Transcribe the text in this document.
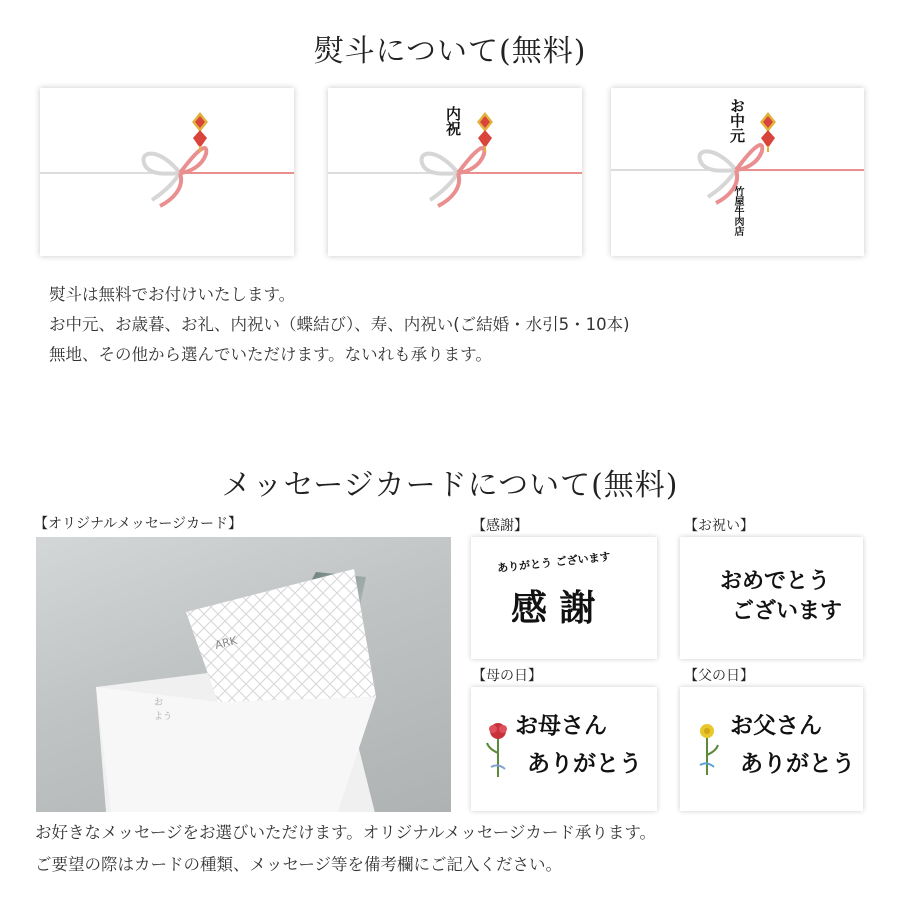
熨斗について(無料)
内祝	お中元
竹屋牛肉店
熨斗は無料でお付けいたします。
お中元、お歳暮、お礼、内祝い（蝶結び）、寿、内祝い(ご結婚・水引5・10本)
無地、その他から選んでいただけます。ないれも承ります。
メッセージカードについて(無料)
【オリジナルメッセージカード】
ARK
お
よう
【感謝】
ありがとう ございます
感 謝
【お祝い】
おめでとう
ございます
【母の日】
お母さん
ありがとう
【父の日】
お父さん
ありがとう
お好きなメッセージをお選びいただけます。オリジナルメッセージカード承ります。
ご要望の際はカードの種類、メッセージ等を備考欄にご記入ください。
